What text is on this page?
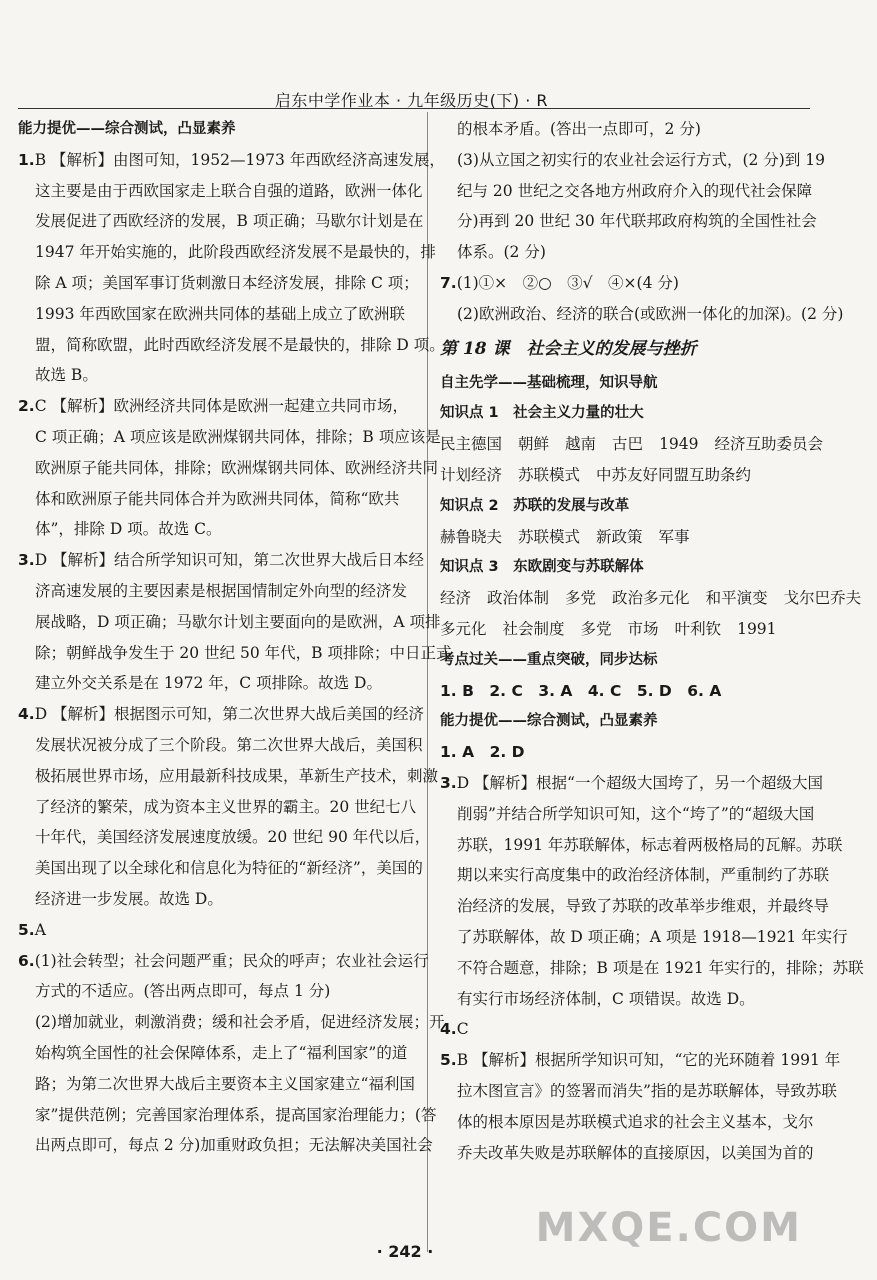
启东中学作业本 · 九年级历史(下) · R
能力提优——综合测试，凸显素养
1.B 【解析】由图可知，1952—1973 年西欧经济高速发展，
这主要是由于西欧国家走上联合自强的道路，欧洲一体化
发展促进了西欧经济的发展，B 项正确；马歇尔计划是在
1947 年开始实施的，此阶段西欧经济发展不是最快的，排
除 A 项；美国军事订货刺激日本经济发展，排除 C 项；
1993 年西欧国家在欧洲共同体的基础上成立了欧洲联
盟，简称欧盟，此时西欧经济发展不是最快的，排除 D 项。
故选 B。
2.C 【解析】欧洲经济共同体是欧洲一起建立共同市场，
C 项正确；A 项应该是欧洲煤钢共同体，排除；B 项应该是
欧洲原子能共同体，排除；欧洲煤钢共同体、欧洲经济共同
体和欧洲原子能共同体合并为欧洲共同体，简称“欧共
体”，排除 D 项。故选 C。
3.D 【解析】结合所学知识可知，第二次世界大战后日本经
济高速发展的主要因素是根据国情制定外向型的经济发
展战略，D 项正确；马歇尔计划主要面向的是欧洲，A 项排
除；朝鲜战争发生于 20 世纪 50 年代，B 项排除；中日正式
建立外交关系是在 1972 年，C 项排除。故选 D。
4.D 【解析】根据图示可知，第二次世界大战后美国的经济
发展状况被分成了三个阶段。第二次世界大战后，美国积
极拓展世界市场，应用最新科技成果，革新生产技术，刺激
了经济的繁荣，成为资本主义世界的霸主。20 世纪七八
十年代，美国经济发展速度放缓。20 世纪 90 年代以后，
美国出现了以全球化和信息化为特征的“新经济”，美国的
经济进一步发展。故选 D。
5.A
6.(1)社会转型；社会问题严重；民众的呼声；农业社会运行
方式的不适应。(答出两点即可，每点 1 分)
(2)增加就业，刺激消费；缓和社会矛盾，促进经济发展；开
始构筑全国性的社会保障体系，走上了“福利国家”的道
路；为第二次世界大战后主要资本主义国家建立“福利国
家”提供范例；完善国家治理体系，提高国家治理能力；(答
出两点即可，每点 2 分)加重财政负担；无法解决美国社会
的根本矛盾。(答出一点即可，2 分)
(3)从立国之初实行的农业社会运行方式，(2 分)到 19
纪与 20 世纪之交各地方州政府介入的现代社会保障
分)再到 20 世纪 30 年代联邦政府构筑的全国性社会
体系。(2 分)
7.(1)①×　②○　③√　④×(4 分)
(2)欧洲政治、经济的联合(或欧洲一体化的加深)。(2 分)
第 18 课　社会主义的发展与挫折
自主先学——基础梳理，知识导航
知识点 1　社会主义力量的壮大
民主德国 朝鲜 越南 古巴 1949 经济互助委员会
计划经济 苏联模式 中苏友好同盟互助条约
知识点 2　苏联的发展与改革
赫鲁晓夫 苏联模式 新政策 军事
知识点 3　东欧剧变与苏联解体
经济 政治体制 多党 政治多元化 和平演变 戈尔巴乔夫
多元化 社会制度 多党 市场 叶利钦 1991
考点过关——重点突破，同步达标
1. B　2. C　3. A　4. C　5. D　6. A
能力提优——综合测试，凸显素养
1. A　2. D
3.D 【解析】根据“一个超级大国垮了，另一个超级大国
削弱”并结合所学知识可知，这个“垮了”的“超级大国
苏联，1991 年苏联解体，标志着两极格局的瓦解。苏联
期以来实行高度集中的政治经济体制，严重制约了苏联
治经济的发展，导致了苏联的改革举步维艰，并最终导
了苏联解体，故 D 项正确；A 项是 1918—1921 年实行
不符合题意，排除；B 项是在 1921 年实行的，排除；苏联
有实行市场经济体制，C 项错误。故选 D。
4.C
5.B 【解析】根据所学知识可知，“它的光环随着 1991 年
拉木图宣言》的签署而消失”指的是苏联解体，导致苏联
体的根本原因是苏联模式追求的社会主义基本，戈尔
乔夫改革失败是苏联解体的直接原因，以美国为首的
· 242 ·
MXQE.COM
